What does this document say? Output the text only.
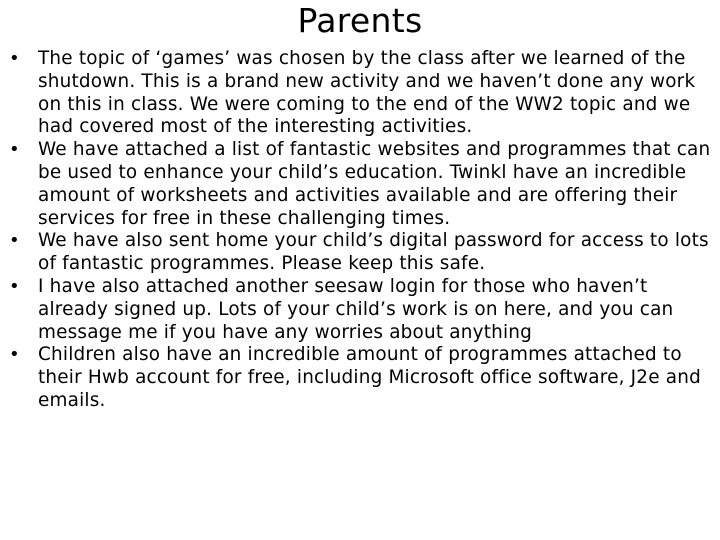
Parents
• The topic of ‘games’ was chosen by the class after we learned of the shutdown. This is a brand new activity and we haven’t done any work on this in class. We were coming to the end of the WW2 topic and we had covered most of the interesting activities.
• We have attached a list of fantastic websites and programmes that can be used to enhance your child’s education. Twinkl have an incredible amount of worksheets and activities available and are offering their services for free in these challenging times.
• We have also sent home your child’s digital password for access to lots of fantastic programmes. Please keep this safe.
• I have also attached another seesaw login for those who haven’t already signed up. Lots of your child’s work is on here, and you can message me if you have any worries about anything
• Children also have an incredible amount of programmes attached to their Hwb account for free, including Microsoft office software, J2e and emails.
